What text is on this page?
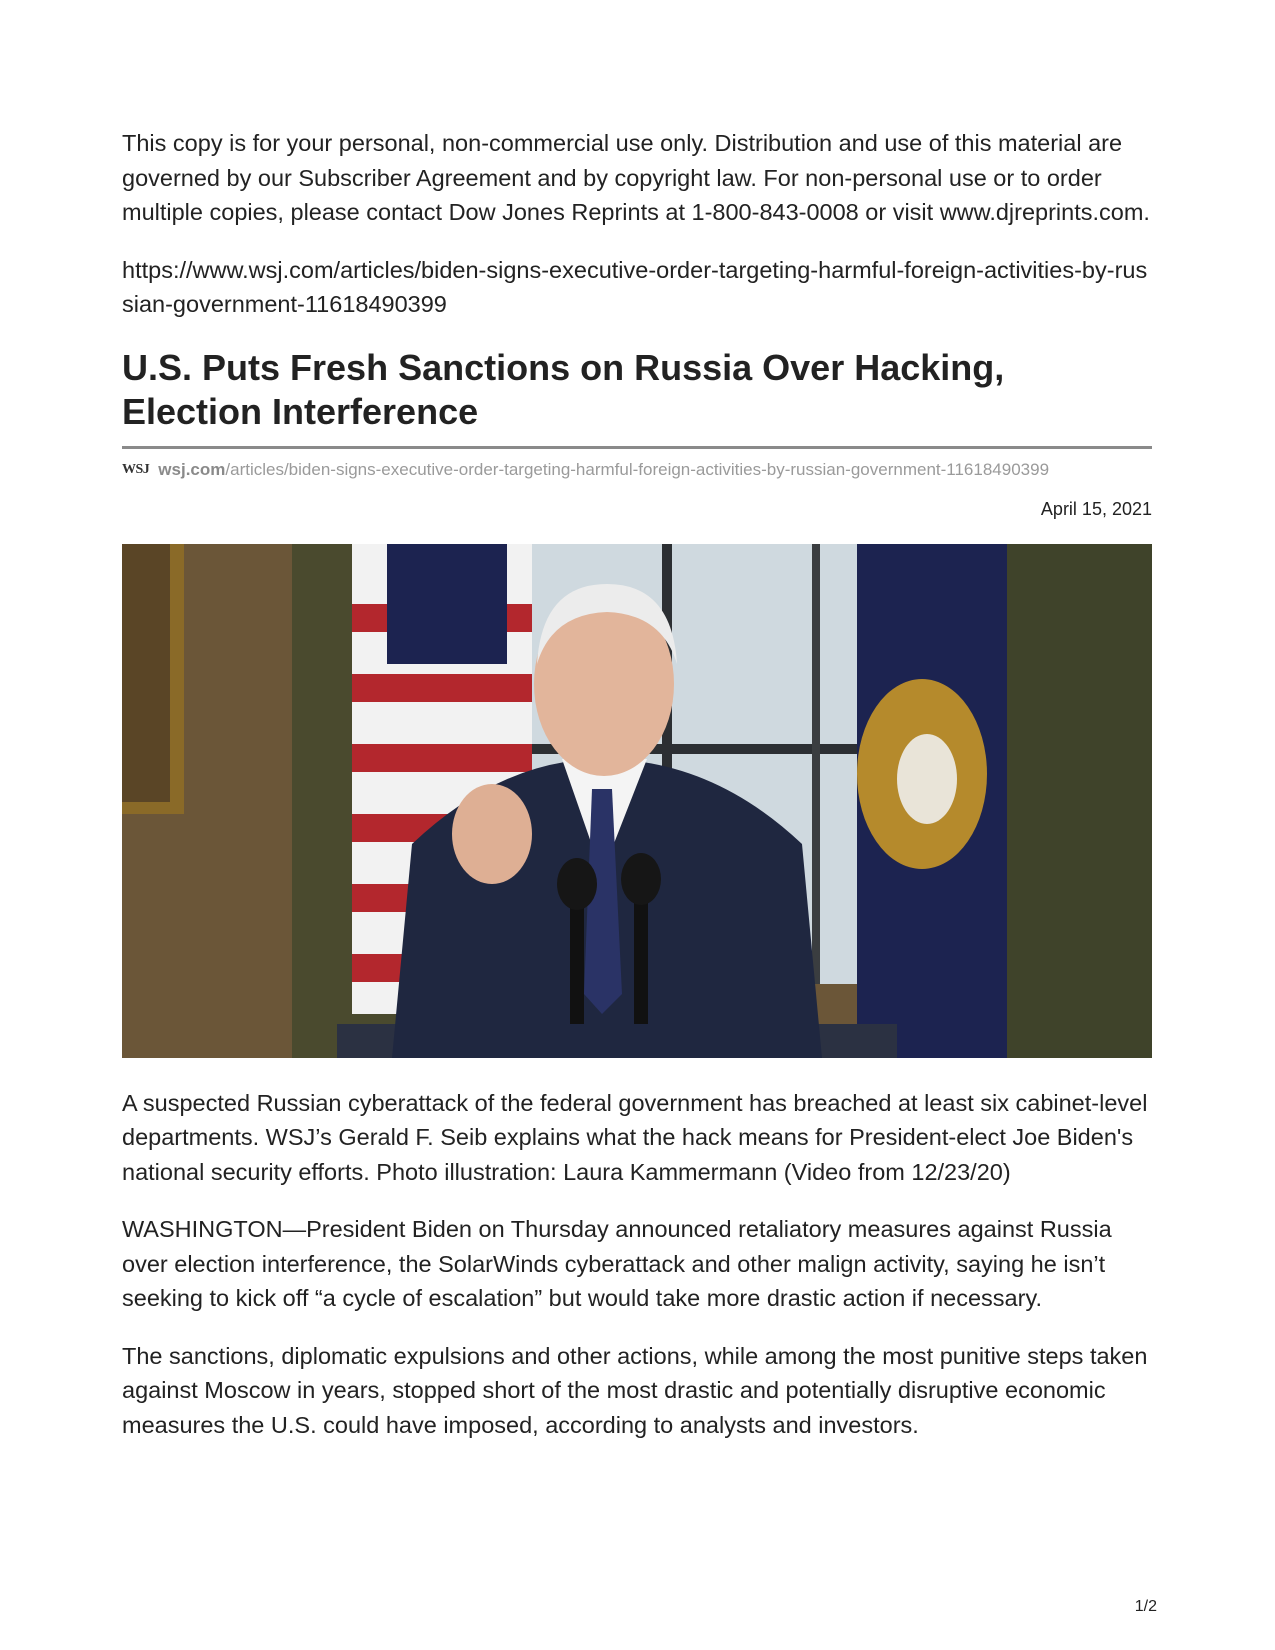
This copy is for your personal, non-commercial use only. Distribution and use of this material are governed by our Subscriber Agreement and by copyright law. For non-personal use or to order multiple copies, please contact Dow Jones Reprints at 1-800-843-0008 or visit www.djreprints.com.

https://www.wsj.com/articles/biden-signs-executive-order-targeting-harmful-foreign-activities-by-russian-government-11618490399

U.S. Puts Fresh Sanctions on Russia Over Hacking, Election Interference
WSJ wsj.com /articles/biden-signs-executive-order-targeting-harmful-foreign-activities-by-russian-government-11618490399
April 15, 2021

A suspected Russian cyberattack of the federal government has breached at least six cabinet-level departments. WSJ’s Gerald F. Seib explains what the hack means for President-elect Joe Biden's national security efforts. Photo illustration: Laura Kammermann (Video from 12/23/20)

WASHINGTON—President Biden on Thursday announced retaliatory measures against Russia over election interference, the SolarWinds cyberattack and other malign activity, saying he isn’t seeking to kick off “a cycle of escalation” but would take more drastic action if necessary.

The sanctions, diplomatic expulsions and other actions, while among the most punitive steps taken against Moscow in years, stopped short of the most drastic and potentially disruptive economic measures the U.S. could have imposed, according to analysts and investors.

1/2
